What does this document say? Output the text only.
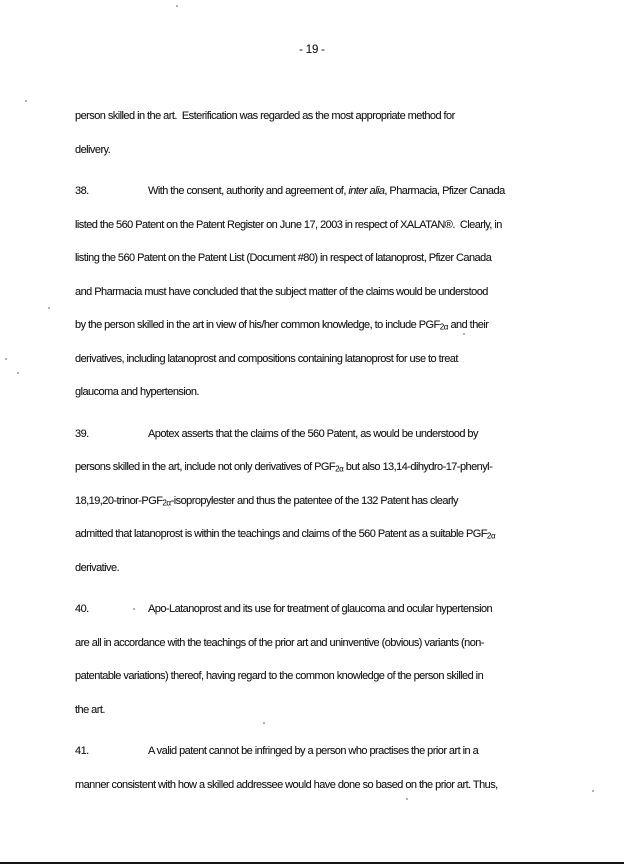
- 19 -
person skilled in the art.  Esterification was regarded as the most appropriate method for
delivery.
38.	With the consent, authority and agreement of, inter alia, Pharmacia, Pfizer Canada
listed the 560 Patent on the Patent Register on June 17, 2003 in respect of XALATAN®.  Clearly, in
listing the 560 Patent on the Patent List (Document #80) in respect of latanoprost, Pfizer Canada
and Pharmacia must have concluded that the subject matter of the claims would be understood
by the person skilled in the art in view of his/her common knowledge, to include $PGF_{2\alpha}$ and their
derivatives, including latanoprost and compositions containing latanoprost for use to treat
glaucoma and hypertension.
39.	Apotex asserts that the claims of the 560 Patent, as would be understood by
persons skilled in the art, include not only derivatives of $PGF_{2\alpha}$ but also 13,14-dihydro-17-phenyl-
$18,19,20-trinor-PGF_{2\alpha}$-isopropylester and thus the patentee of the 132 Patent has clearly
admitted that latanoprost is within the teachings and claims of the 560 Patent as a suitable $PGF_{2\alpha}$
derivative.
40.	Apo-Latanoprost and its use for treatment of glaucoma and ocular hypertension
are all in accordance with the teachings of the prior art and uninventive (obvious) variants (non-
patentable variations) thereof, having regard to the common knowledge of the person skilled in
the art.
41.	A valid patent cannot be infringed by a person who practises the prior art in a
manner consistent with how a skilled addressee would have done so based on the prior art. Thus,
